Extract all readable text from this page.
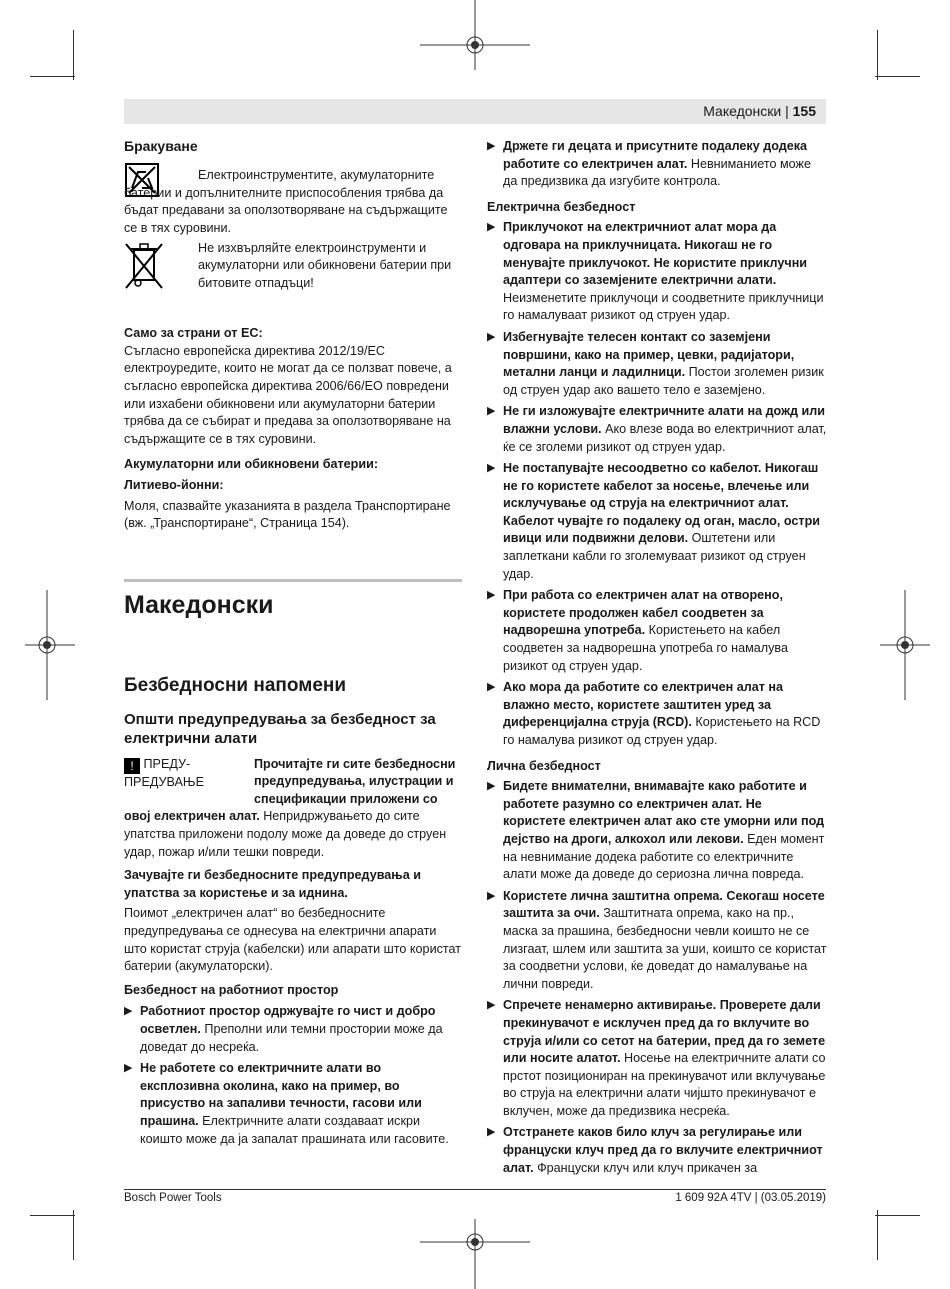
Македонски | 155
Бракуване

Електроинструментите, акумулаторните батерии и допълнителните приспособления трябва да бъдат предавани за оползотворяване на съдържащите се в тях суровини.

Не изхвърляйте електроинструменти и акумулаторни или обикновени батерии при битовите отпадъци!

Само за страни от ЕС:

Съгласно европейска директива 2012/19/ЕС електроуредите, които не могат да се ползват повече, а съгласно европейска директива 2006/66/ЕО повредени или изхабени обикновени или акумулаторни батерии трябва да се събират и предава за оползотворяване на съдържащите се в тях суровини.

Акумулаторни или обикновени батерии:

Литиево-йонни:

Моля, спазвайте указанията в раздела Транспортиране (вж. „Транспортиране“, Страница 154).

Македонски

Безбедносни напомени

Општи предупредувања за безбедност за електрични алати

! ПРЕДУ-ПРЕДУВАЊЕ

Прочитајте ги сите безбедносни предупредувања, илустрации и спецификации приложени со овој електричен алат. Непридржувањето до сите упатства приложени подолу може да доведе до струен удар, пожар и/или тешки повреди.

Зачувајте ги безбедносните предупредувања и упатства за користење и за иднина.

Поимот „електричен алат“ во безбедносните предупредувања се однесува на електрични апарати што користат струја (кабелски) или апарати што користат батерии (акумулаторски).

Безбедност на работниот простор

▶ Работниот простор одржувајте го чист и добро осветлен. Преполни или темни простории може да доведат до несреќа.

▶ Не работете со електричните алати во експлозивна околина, како на пример, во присуство на запаливи течности, гасови или прашина. Електричните алати создаваат искри коишто може да ја запалат прашината или гасовите.

▶ Држете ги децата и присутните подалеку додека работите со електричен алат. Невниманието може да предизвика да изгубите контрола.

Електрична безбедност

▶ Приклучокот на електричниот алат мора да одговара на приклучницата. Никогаш не го менувајте приклучокот. Не користите приклучни адаптери со заземјените електрични алати. Неизменетите приклучоци и соодветните приклучници го намалуваат ризикот од струен удар.

▶ Избегнувајте телесен контакт со заземјени површини, како на пример, цевки, радијатори, метални ланци и ладилници. Постои зголемен ризик од струен удар ако вашето тело е заземјено.

▶ Не ги изложувајте електричните алати на дожд или влажни услови. Ако влезе вода во електричниот алат, ќе се зголеми ризикот од струен удар.

▶ Не постапувајте несоодветно со кабелот. Никогаш не го користете кабелот за носење, влечење или исклучување од струја на електричниот алат. Кабелот чувајте го подалеку од оган, масло, остри ивици или подвижни делови. Оштетени или заплеткани кабли го зголемуваат ризикот од струен удар.

▶ При работа со електричен алат на отворено, користете продолжен кабел соодветен за надворешна употреба. Користењето на кабел соодветен за надворешна употреба го намалува ризикот од струен удар.

▶ Ако мора да работите со електричен алат на влажно место, користете заштитен уред за диференцијална струја (RCD). Користењето на RCD го намалува ризикот од струен удар.

Лична безбедност

▶ Бидете внимателни, внимавајте како работите и работете разумно со електричен алат. Не користете електричен алат ако сте уморни или под дејство на дроги, алкохол или лекови. Еден момент на невнимание додека работите со електричните алати може да доведе до сериозна лична повреда.

▶ Користете лична заштитна опрема. Секогаш носете заштита за очи. Заштитната опрема, како на пр., маска за прашина, безбедносни чевли коишто не се лизгаат, шлем или заштита за уши, коишто се користат за соодветни услови, ќе доведат до намалување на лични повреди.

▶ Спречете ненамерно активирање. Проверете дали прекинувачот е исклучен пред да го вклучите во струја и/или со сетот на батерии, пред да го земете или носите алатот. Носење на електричните алати со прстот позициониран на прекинувачот или вклучување во струја на електрични алати чијшто прекинувачот е вклучен, може да предизвика несреќа.

▶ Отстранете каков било клуч за регулирање или француски клуч пред да го вклучите електричниот алат. Француски клуч или клуч прикачен за

Bosch Power Tools	1 609 92A 4TV | (03.05.2019)
